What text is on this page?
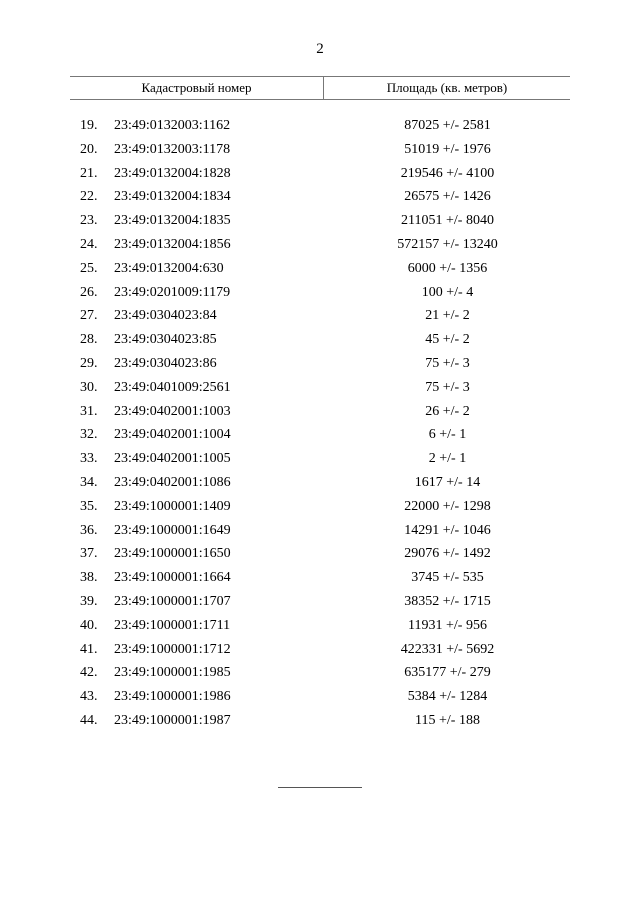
2
Кадастровый номер	Площадь (кв. метров)
19.	23:49:0132003:1162	87025 +/- 2581
20.	23:49:0132003:1178	51019 +/- 1976
21.	23:49:0132004:1828	219546 +/- 4100
22.	23:49:0132004:1834	26575 +/- 1426
23.	23:49:0132004:1835	211051 +/- 8040
24.	23:49:0132004:1856	572157 +/- 13240
25.	23:49:0132004:630	6000 +/- 1356
26.	23:49:0201009:1179	100 +/- 4
27.	23:49:0304023:84	21 +/- 2
28.	23:49:0304023:85	45 +/- 2
29.	23:49:0304023:86	75 +/- 3
30.	23:49:0401009:2561	75 +/- 3
31.	23:49:0402001:1003	26 +/- 2
32.	23:49:0402001:1004	6 +/- 1
33.	23:49:0402001:1005	2 +/- 1
34.	23:49:0402001:1086	1617 +/- 14
35.	23:49:1000001:1409	22000 +/- 1298
36.	23:49:1000001:1649	14291 +/- 1046
37.	23:49:1000001:1650	29076 +/- 1492
38.	23:49:1000001:1664	3745 +/- 535
39.	23:49:1000001:1707	38352 +/- 1715
40.	23:49:1000001:1711	11931 +/- 956
41.	23:49:1000001:1712	422331 +/- 5692
42.	23:49:1000001:1985	635177 +/- 279
43.	23:49:1000001:1986	5384 +/- 1284
44.	23:49:1000001:1987	115 +/- 188
